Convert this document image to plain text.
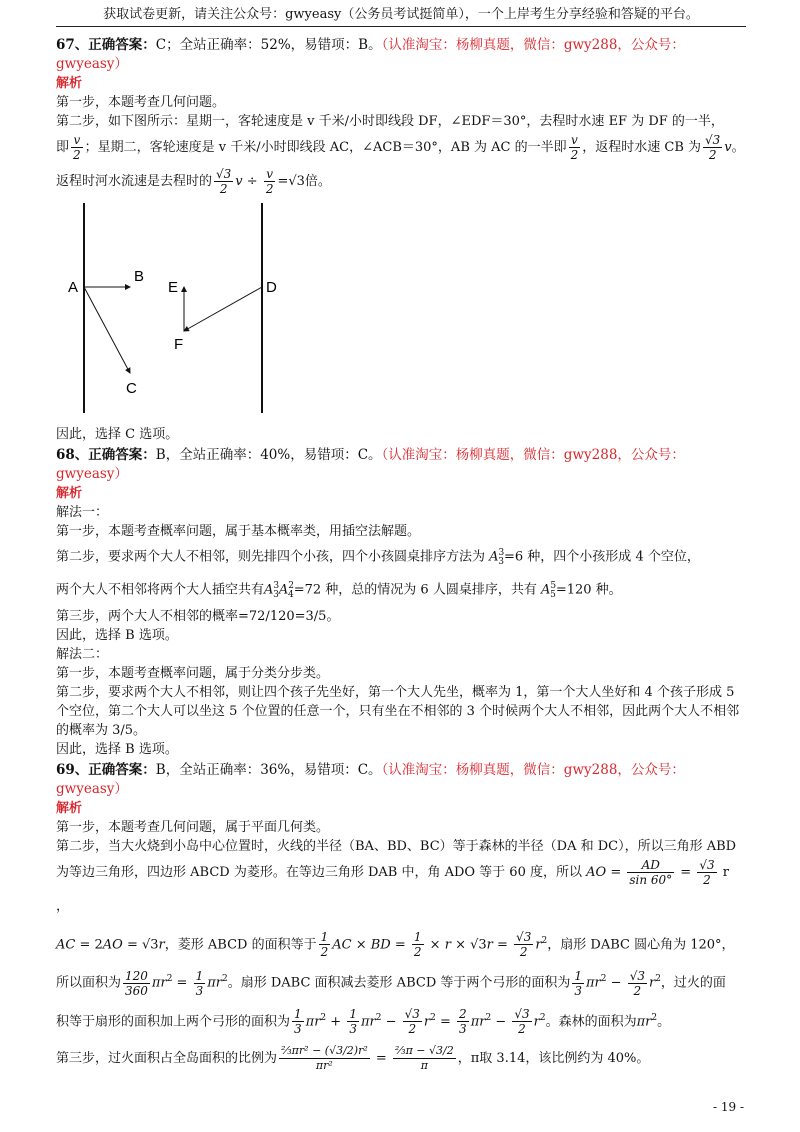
获取试卷更新，请关注公众号：gwyeasy（公务员考试挺简单），一个上岸考生分享经验和答疑的平台。

67、正确答案：C；全站正确率：52%，易错项：B。（认准淘宝：杨柳真题，微信：gwy288，公众号：gwyeasy）

解析

第一步，本题考查几何问题。

第二步，如下图所示：星期一，客轮速度是 v 千米/小时即线段 DF，∠EDF＝30°，去程时水速 EF 为 DF 的一半，

即 $\frac{v}{2}$ ；星期二，客轮速度是 v 千米/小时即线段 AC，∠ACB＝30°，AB 为 AC 的一半即 $\frac{v}{2}$ ，返程时水速 CB 为 $\frac{√3}{2}$ v。

返程时河水流速是去程时的 $\frac{√3}{2}$ $v \div \frac{v}{2} =√3$倍。

A
B
C
D
E
F

因此，选择 C 选项。

68、正确答案：B，全站正确率：40%，易错项：C。（认准淘宝：杨柳真题，微信：gwy288，公众号：gwyeasy）

解析

解法一：

第一步，本题考查概率问题，属于基本概率类，用插空法解题。

第二步，要求两个大人不相邻，则先排四个小孩，四个小孩圆桌排序方法为 $A^3_3=6$ 种，四个小孩形成 4 个空位，

两个大人不相邻将两个大人插空共有$A^3_3A^2_4=72$ 种，总的情况为 6 人圆桌排序，共有 $A^5_5=120$ 种。

第三步，两个大人不相邻的概率=72/120=3/5。

因此，选择 B 选项。

解法二：

第一步，本题考查概率问题，属于分类分步类。

第二步，要求两个大人不相邻，则让四个孩子先坐好，第一个大人先坐，概率为 1，第一个大人坐好和 4 个孩子形成 5 个空位，第二个大人可以坐这 5 个位置的任意一个，只有坐在不相邻的 3 个时候两个大人不相邻，因此两个大人不相邻的概率为 3/5。

因此，选择 B 选项。

69、正确答案：B，全站正确率：36%，易错项：C。（认准淘宝：杨柳真题，微信：gwy288，公众号：gwyeasy）

解析

第一步，本题考查几何问题，属于平面几何类。

第二步，当大火烧到小岛中心位置时，火线的半径（BA、BD、BC）等于森林的半径（DA 和 DC），所以三角形 ABD

为等边三角形，四边形 ABCD 为菱形。在等边三角形 DAB 中，角 ADO 等于 60 度，所以 AO = $\frac{AD}{\sin 60^\circ} = \frac{√3}{2}$ r ，

AC = 2AO = √3r，菱形 ABCD 的面积等于 $\frac{1}{2}$ AC × BD = $\frac{1}{2} \times r \times √3r = \frac{√3}{2} r^2$，扇形 DABC 圆心角为 120°，

所以面积为 $\frac{120}{360} \pi r^2 = \frac{1}{3} \pi r^2$。扇形 DABC 面积减去菱形 ABCD 等于两个弓形的面积为 $\frac{1}{3} \pi r^2 - \frac{√3}{2} r^2$，过火的面

积等于扇形的面积加上两个弓形的面积为 $\frac{1}{3} \pi r^2 + \frac{1}{3} \pi r^2 - \frac{√3}{2} r^2 = \frac{2}{3} \pi r^2 - \frac{√3}{2} r^2$。森林的面积为$\pi r^2$。

第三步，过火面积占全岛面积的比例为 $\frac{\text{⅔πr² − (√3/2)r²}}{\text{πr²}} = \frac{\text{⅔π − √3/2}}{\pi}$ ，π取 3.14，该比例约为 40%。

- 19 -
